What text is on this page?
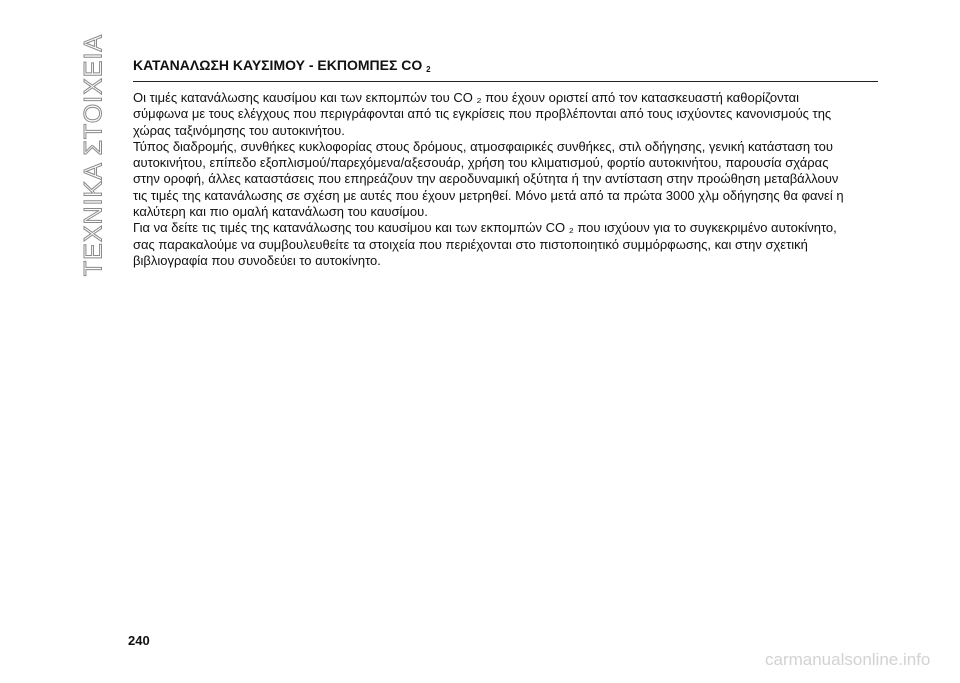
ΤΕΧΝΙΚΑ ΣΤΟΙΧΕΙΑ ΚΑΤΑΝΑΛΩΣΗ ΚΑΥΣΙΜΟΥ - ΕΚΠΟΜΠΕΣ CO $_2$

Οι τιμές κατανάλωσης καυσίμου και των εκπομπών του CO ₂ που έχουν οριστεί από τον κατασκευαστή καθορίζονται
σύμφωνα με τους ελέγχους που περιγράφονται από τις εγκρίσεις που προβλέπονται από τους ισχύοντες κανονισμούς της
χώρας ταξινόμησης του αυτοκινήτου.

Τύπος διαδρομής, συνθήκες κυκλοφορίας στους δρόμους, ατμοσφαιρικές συνθήκες, στιλ οδήγησης, γενική κατάσταση του
αυτοκινήτου, επίπεδο εξοπλισμού/παρεχόμενα/αξεσουάρ, χρήση του κλιματισμού, φορτίο αυτοκινήτου, παρουσία σχάρας
στην οροφή, άλλες καταστάσεις που επηρεάζουν την αεροδυναμική οξύτητα ή την αντίσταση στην προώθηση μεταβάλλουν
τις τιμές της κατανάλωσης σε σχέση με αυτές που έχουν μετρηθεί. Μόνο μετά από τα πρώτα 3000 χλμ οδήγησης θα φανεί η
καλύτερη και πιο ομαλή κατανάλωση του καυσίμου.

Για να δείτε τις τιμές της κατανάλωσης του καυσίμου και των εκπομπών CO ₂ που ισχύουν για το συγκεκριμένο αυτοκίνητο,
σας παρακαλούμε να συμβουλευθείτε τα στοιχεία που περιέχονται στο πιστοποιητικό συμμόρφωσης, και στην σχετική
βιβλιογραφία που συνοδεύει το αυτοκίνητο.

240
carmanualsonline.info
